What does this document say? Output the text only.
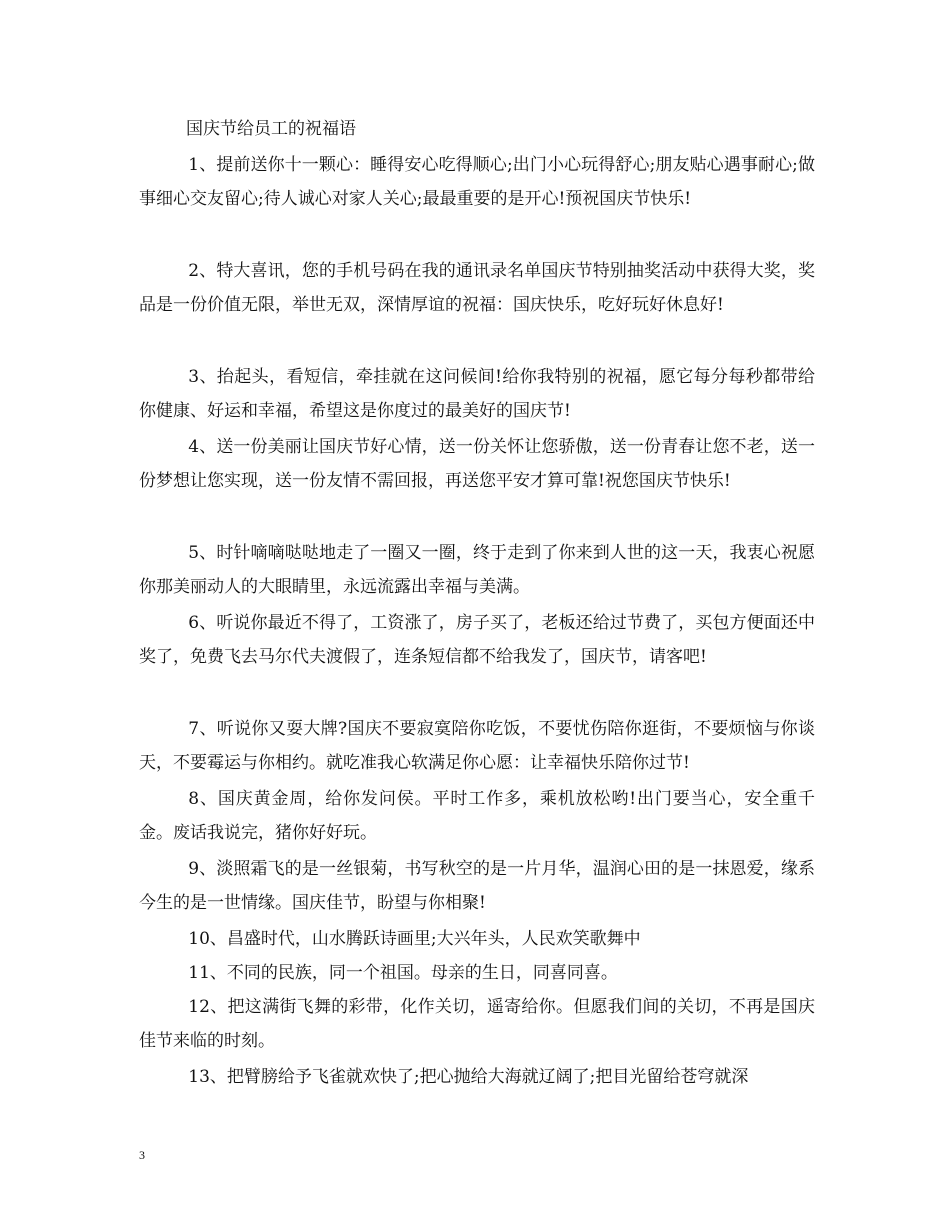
国庆节给员工的祝福语

1、提前送你十一颗心：睡得安心吃得顺心;出门小心玩得舒心;朋友贴心遇事耐心;做事细心交友留心;待人诚心对家人关心;最最重要的是开心!预祝国庆节快乐!

2、特大喜讯，您的手机号码在我的通讯录名单国庆节特别抽奖活动中获得大奖，奖品是一份价值无限，举世无双，深情厚谊的祝福：国庆快乐，吃好玩好休息好!

3、抬起头，看短信，牵挂就在这问候间!给你我特别的祝福，愿它每分每秒都带给你健康、好运和幸福，希望这是你度过的最美好的国庆节!

4、送一份美丽让国庆节好心情，送一份关怀让您骄傲，送一份青春让您不老，送一份梦想让您实现，送一份友情不需回报，再送您平安才算可靠!祝您国庆节快乐!

5、时针嘀嘀哒哒地走了一圈又一圈，终于走到了你来到人世的这一天，我衷心祝愿你那美丽动人的大眼睛里，永远流露出幸福与美满。

6、听说你最近不得了，工资涨了，房子买了，老板还给过节费了，买包方便面还中奖了，免费飞去马尔代夫渡假了，连条短信都不给我发了，国庆节，请客吧!

7、听说你又耍大牌?国庆不要寂寞陪你吃饭，不要忧伤陪你逛街，不要烦恼与你谈天，不要霉运与你相约。就吃准我心软满足你心愿：让幸福快乐陪你过节!

8、国庆黄金周，给你发问侯。平时工作多，乘机放松哟!出门要当心，安全重千金。废话我说完，猪你好好玩。

9、淡照霜飞的是一丝银菊，书写秋空的是一片月华，温润心田的是一抹恩爱，缘系今生的是一世情缘。国庆佳节，盼望与你相聚!

10、昌盛时代，山水腾跃诗画里;大兴年头，人民欢笑歌舞中

11、不同的民族，同一个祖国。母亲的生日，同喜同喜。

12、把这满街飞舞的彩带，化作关切，遥寄给你。但愿我们间的关切，不再是国庆佳节来临的时刻。

13、把臂膀给予飞雀就欢快了;把心抛给大海就辽阔了;把目光留给苍穹就深

3
